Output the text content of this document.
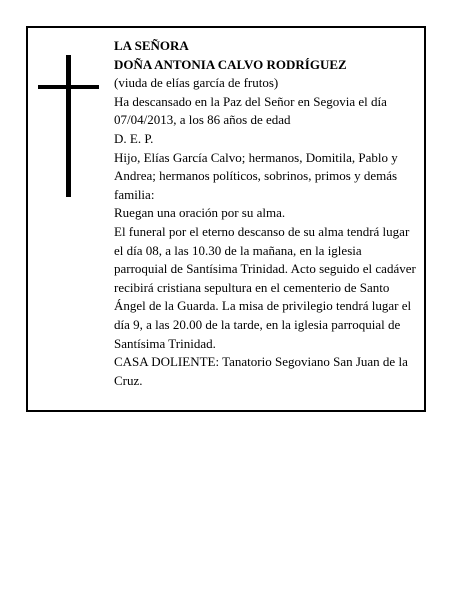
LA SEÑORA

DOÑA ANTONIA CALVO RODRÍGUEZ

(viuda de elías garcía de frutos)

Ha descansado en la Paz del Señor en Segovia el día 07/04/2013, a los 86 años de edad

D. E. P.

Hijo, Elías García Calvo; hermanos, Domitila, Pablo y Andrea; hermanos políticos, sobrinos, primos y demás familia:

Ruegan una oración por su alma.

El funeral por el eterno descanso de su alma tendrá lugar el día 08, a las 10.30 de la mañana, en la iglesia parroquial de Santísima Trinidad. Acto seguido el cadáver recibirá cristiana sepultura en el cementerio de Santo Ángel de la Guarda. La misa de privilegio tendrá lugar el día 9, a las 20.00 de la tarde, en la iglesia parroquial de Santísima Trinidad.

CASA DOLIENTE: Tanatorio Segoviano San Juan de la Cruz.
